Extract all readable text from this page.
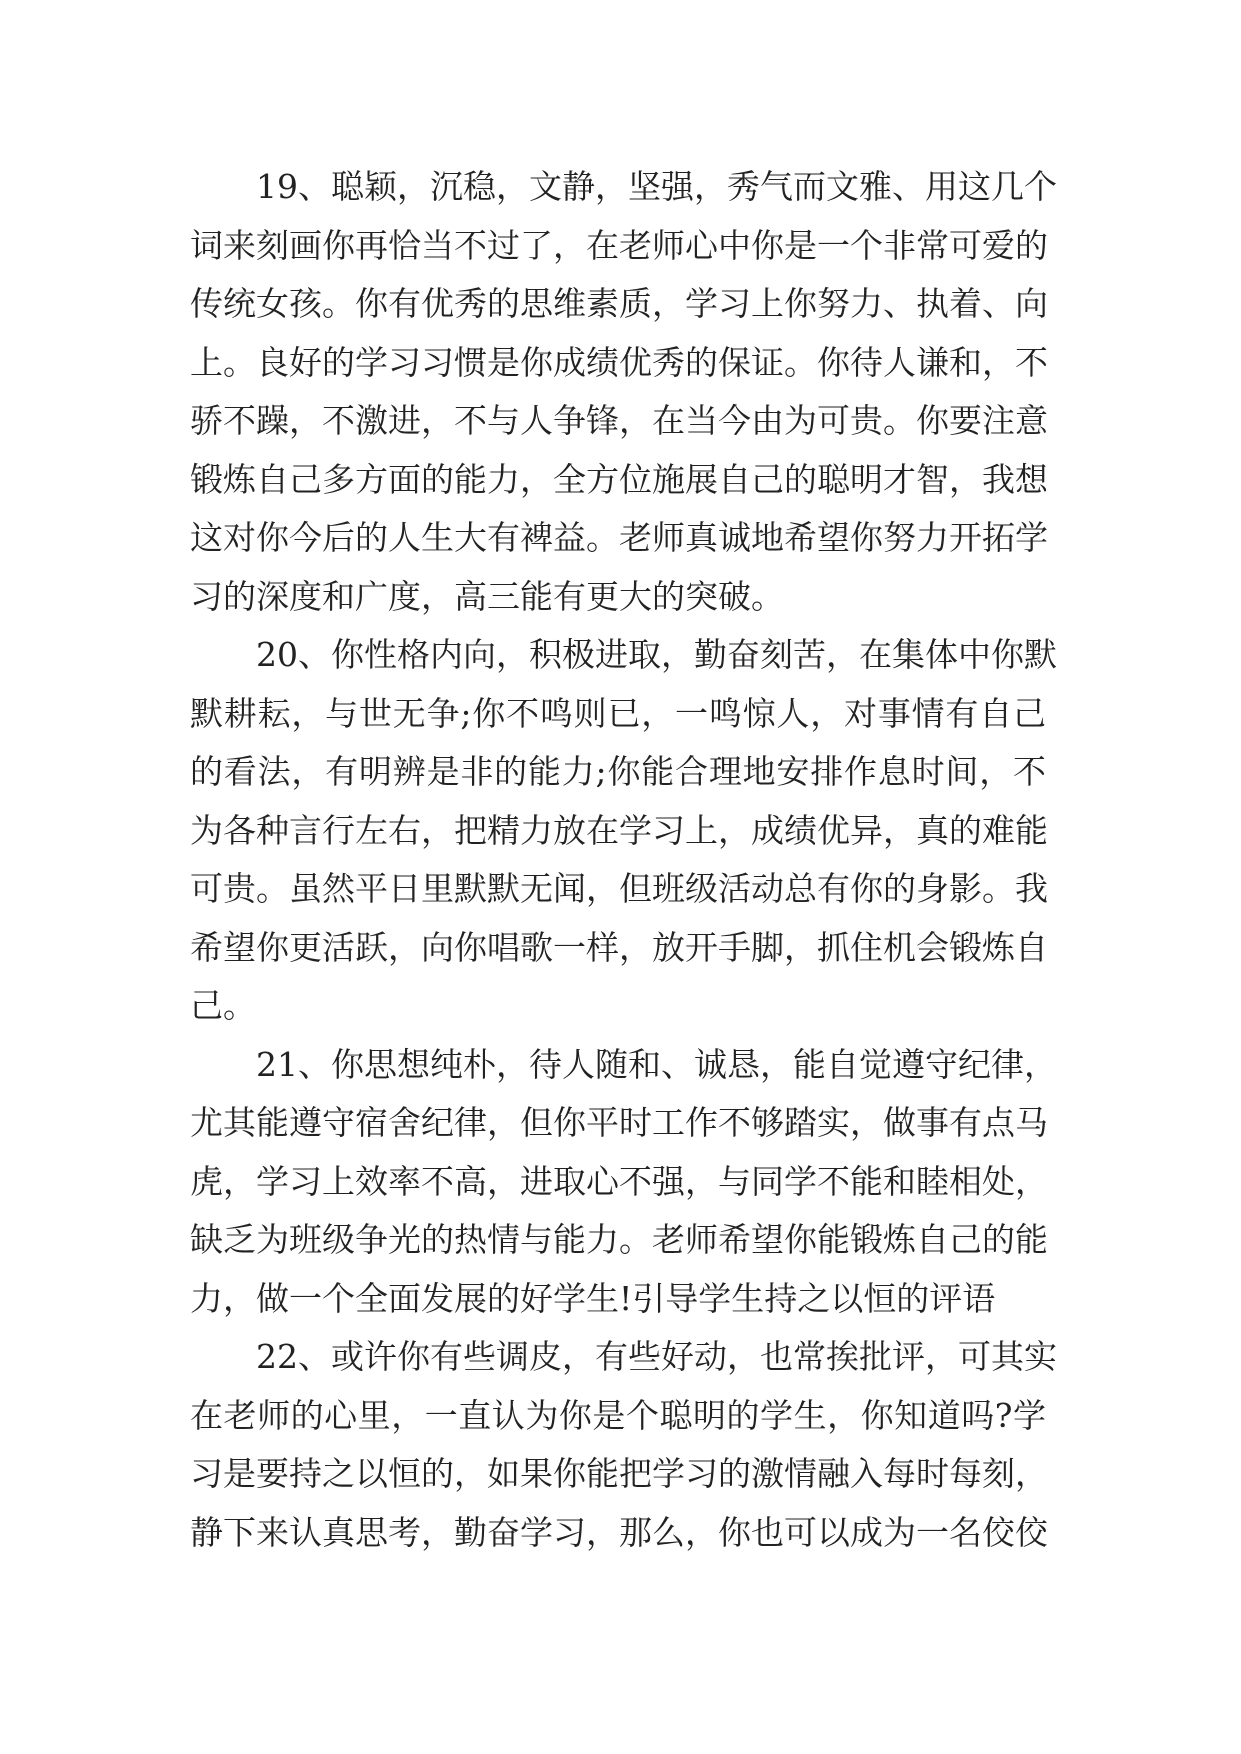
19、聪颖，沉稳，文静，坚强，秀气而文雅、用这几个
词来刻画你再恰当不过了，在老师心中你是一个非常可爱的
传统女孩。你有优秀的思维素质，学习上你努力、执着、向
上。良好的学习习惯是你成绩优秀的保证。你待人谦和，不
骄不躁，不激进，不与人争锋，在当今由为可贵。你要注意
锻炼自己多方面的能力，全方位施展自己的聪明才智，我想
这对你今后的人生大有裨益。老师真诚地希望你努力开拓学
习的深度和广度，高三能有更大的突破。
20、你性格内向，积极进取，勤奋刻苦，在集体中你默
默耕耘，与世无争;你不鸣则已，一鸣惊人，对事情有自己
的看法，有明辨是非的能力;你能合理地安排作息时间，不
为各种言行左右，把精力放在学习上，成绩优异，真的难能
可贵。虽然平日里默默无闻，但班级活动总有你的身影。我
希望你更活跃，向你唱歌一样，放开手脚，抓住机会锻炼自
己。
21、你思想纯朴，待人随和、诚恳，能自觉遵守纪律，
尤其能遵守宿舍纪律，但你平时工作不够踏实，做事有点马
虎，学习上效率不高，进取心不强，与同学不能和睦相处，
缺乏为班级争光的热情与能力。老师希望你能锻炼自己的能
力，做一个全面发展的好学生!引导学生持之以恒的评语
22、或许你有些调皮，有些好动，也常挨批评，可其实
在老师的心里，一直认为你是个聪明的学生，你知道吗?学
习是要持之以恒的，如果你能把学习的激情融入每时每刻，
静下来认真思考，勤奋学习，那么，你也可以成为一名佼佼
